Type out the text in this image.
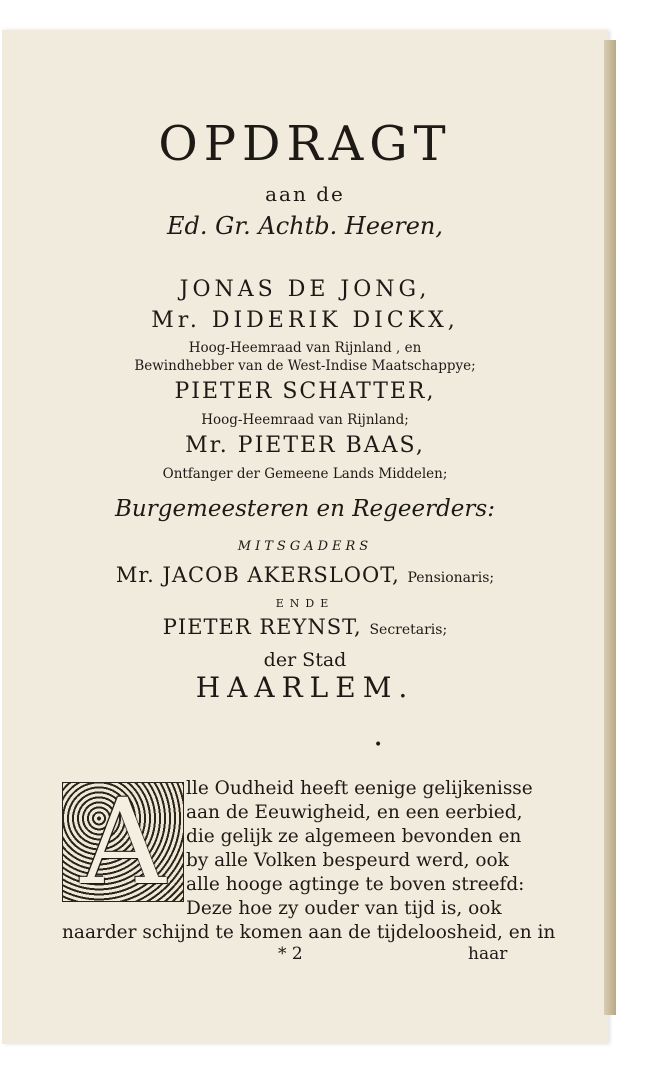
OPDRAGT
aan de
Ed. Gr. Achtb. Heeren,
JONAS DE JONG,
Mr. DIDERIK DICKX,
Hoog-Heemraad van Rijnland , en
Bewindhebber van de West-Indise Maatschappye;
PIETER SCHATTER,
Hoog-Heemraad van Rijnland;
Mr. PIETER BAAS,
Ontfanger der Gemeene Lands Middelen;
Burgemeesteren en Regeerders:
MITSGADERS
Mr. JACOB AKERSLOOT, Pensionaris;
ENDE
PIETER REYNST, Secretaris;
der Stad
HAARLEM.
•
A	lle Oudheid heeft eenige gelijkenisse
aan de Eeuwigheid, en een eerbied,
die gelijk ze algemeen bevonden en
by alle Volken bespeurd werd, ook
alle hooge agtinge te boven streefd:
Deze hoe zy ouder van tijd is, ook
naarder schijnd te komen aan de tijdeloosheid, en in
* 2	haar
